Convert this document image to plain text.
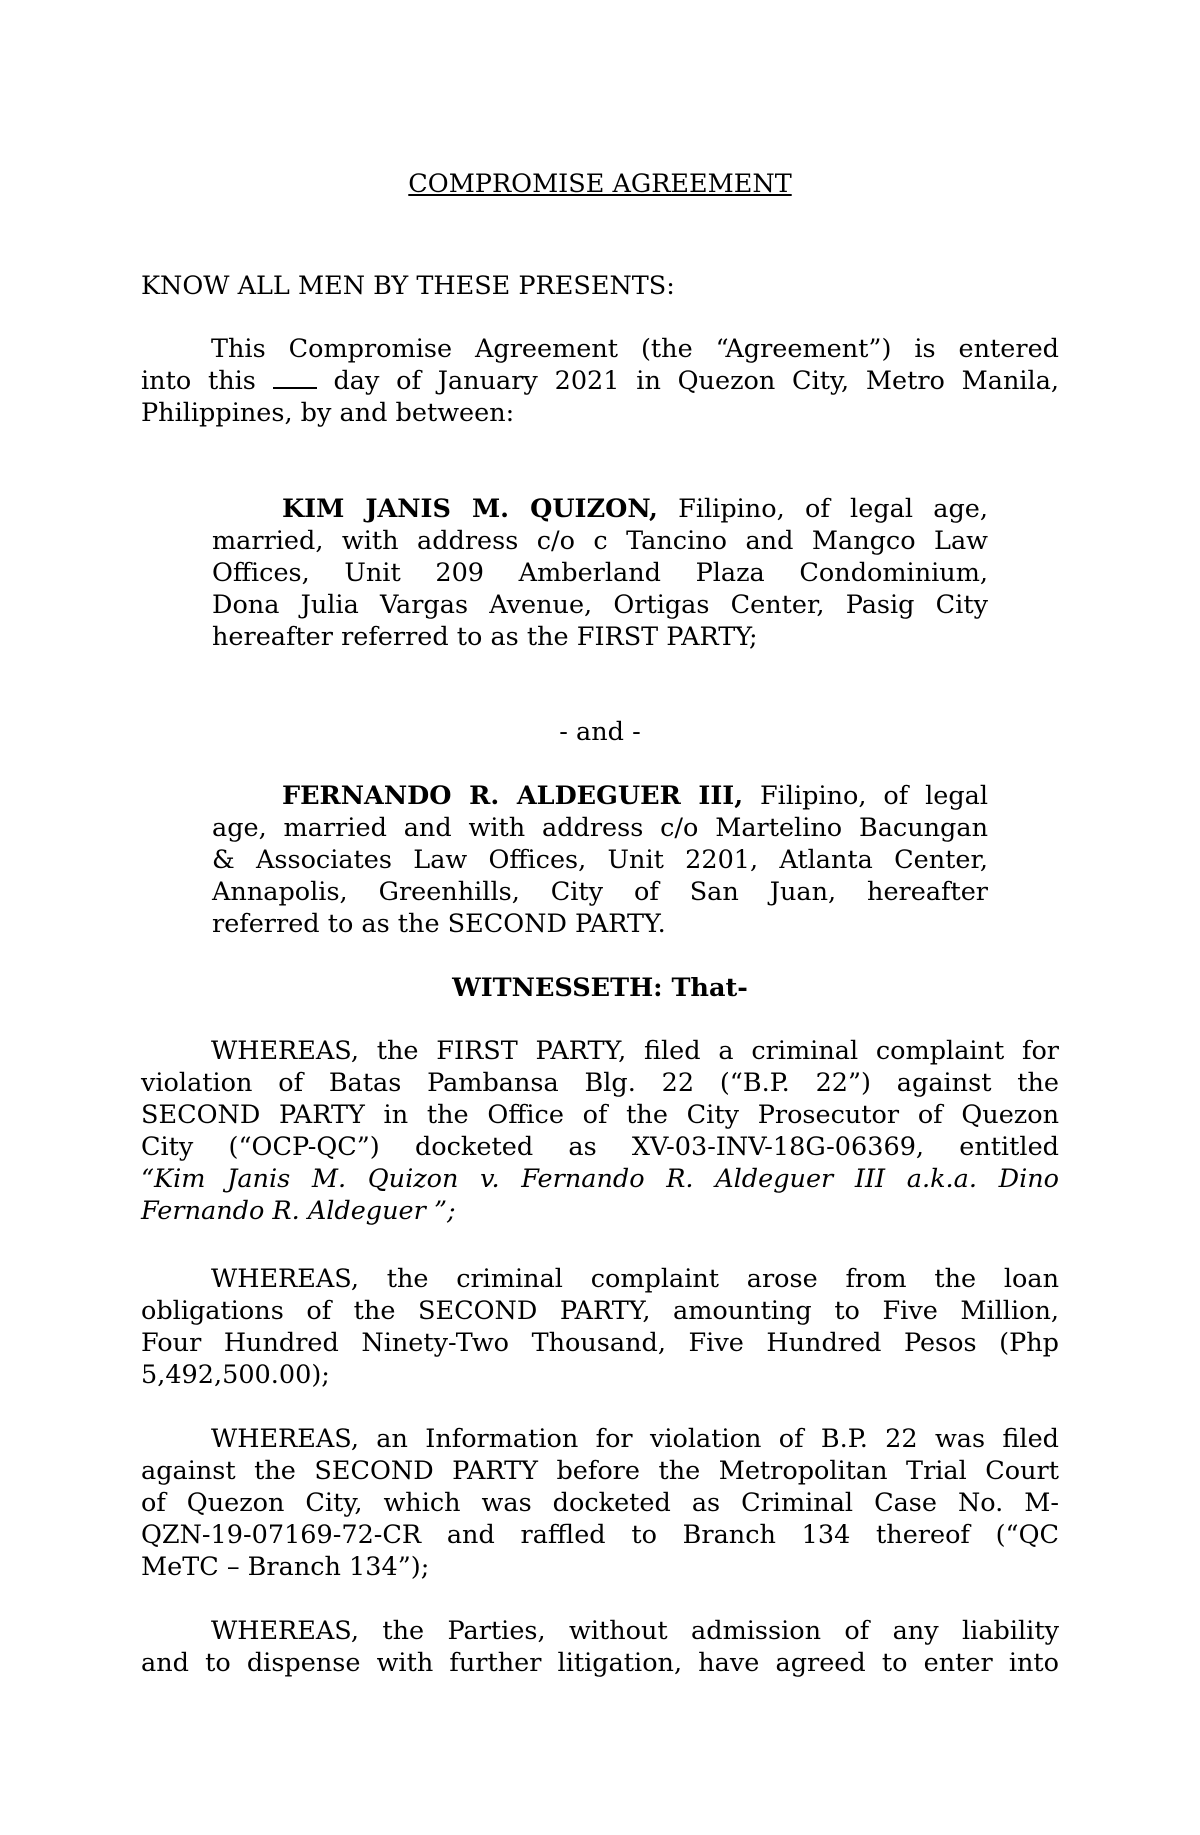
COMPROMISE AGREEMENT
KNOW ALL MEN BY THESE PRESENTS:
This Compromise Agreement (the “Agreement”) is entered
into this	day of January 2021 in Quezon City, Metro Manila,
Philippines, by and between:
KIM JANIS M. QUIZON, Filipino, of legal age,
married, with address c/o c Tancino and Mangco Law
Offices, Unit 209 Amberland Plaza Condominium,
Dona Julia Vargas Avenue, Ortigas Center, Pasig City
hereafter referred to as the FIRST PARTY;
- and -
FERNANDO R. ALDEGUER III, Filipino, of legal
age, married and with address c/o Martelino Bacungan
& Associates Law Offices, Unit 2201, Atlanta Center,
Annapolis, Greenhills, City of San Juan, hereafter
referred to as the SECOND PARTY.
WITNESSETH: That-
WHEREAS, the FIRST PARTY, filed a criminal complaint for
violation of Batas Pambansa Blg. 22 (“B.P. 22”) against the
SECOND PARTY in the Office of the City Prosecutor of Quezon
City (“OCP-QC”) docketed as XV-03-INV-18G-06369, entitled
“Kim Janis M. Quizon v. Fernando R. Aldeguer III a.k.a. Dino
Fernando R. Aldeguer ”;
WHEREAS, the criminal complaint arose from the loan
obligations of the SECOND PARTY, amounting to Five Million,
Four Hundred Ninety-Two Thousand, Five Hundred Pesos (Php
5,492,500.00);
WHEREAS, an Information for violation of B.P. 22 was filed
against the SECOND PARTY before the Metropolitan Trial Court
of Quezon City, which was docketed as Criminal Case No. M-
QZN-19-07169-72-CR and raffled to Branch 134 thereof (“QC
MeTC – Branch 134”);
WHEREAS, the Parties, without admission of any liability
and to dispense with further litigation, have agreed to enter into
